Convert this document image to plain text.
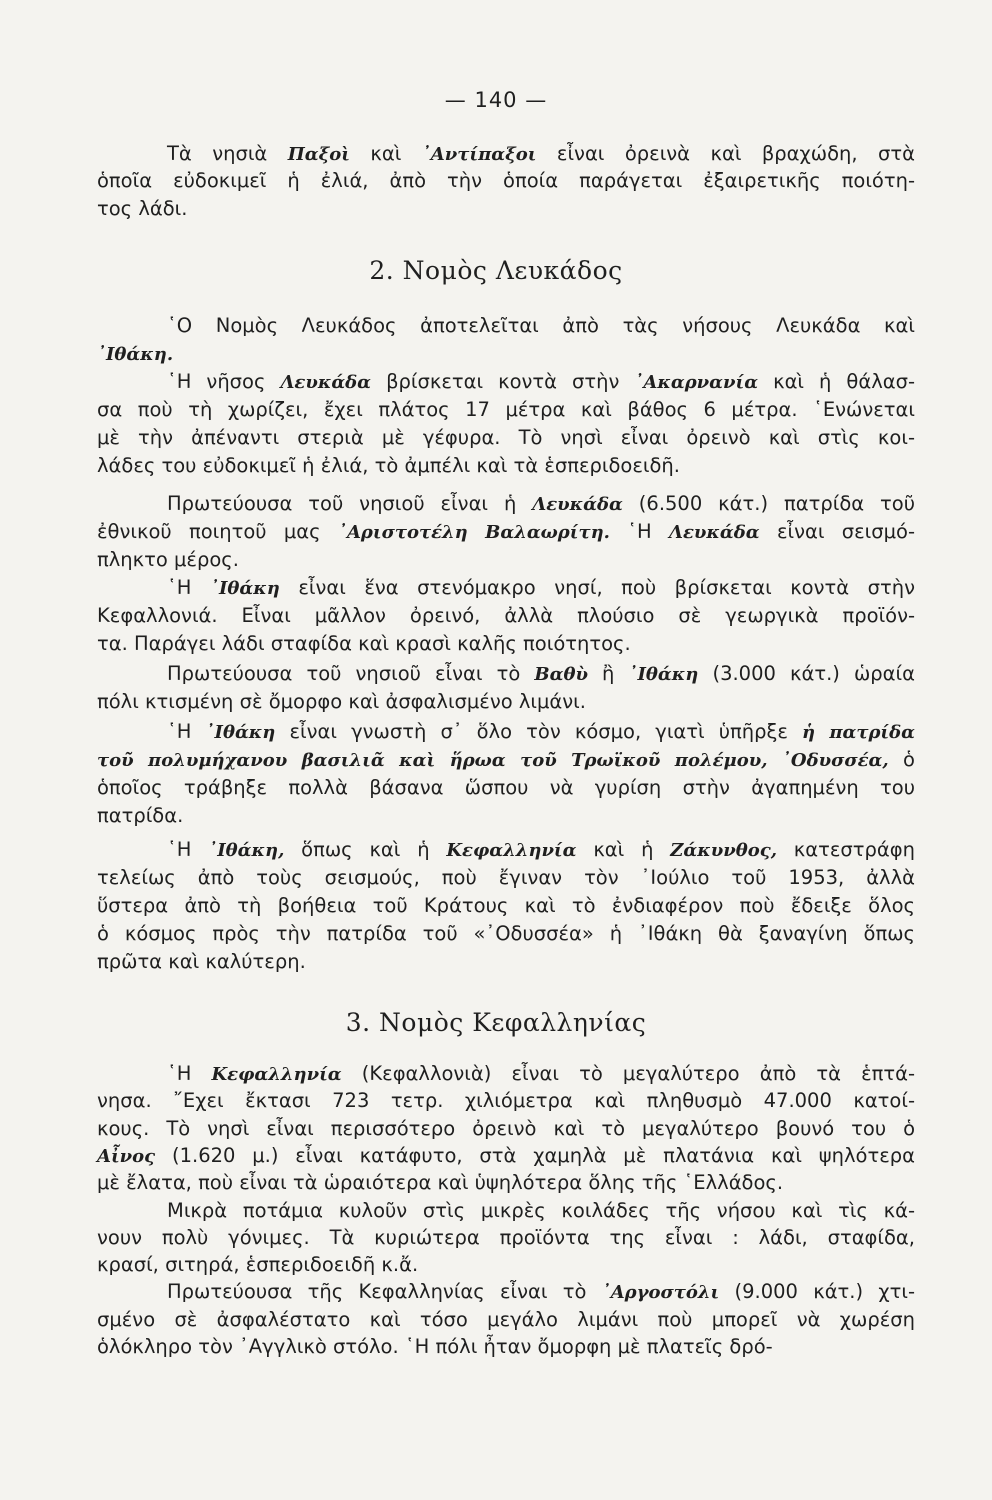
— 140 —
Τὰ νησιὰ Παξοὶ καὶ ᾿Αντίπαξοι εἶναι ὀρεινὰ καὶ βραχώδη, στὰ
ὁποῖα εὐδοκιμεῖ ἡ ἐλιά, ἀπὸ τὴν ὁποία παράγεται ἐξαιρετικῆς ποιότη-
τος λάδι.
2. Νομὸς Λευκάδος
῾Ο Νομὸς Λευκάδος ἀποτελεῖται ἀπὸ τὰς νήσους Λευκάδα καὶ
᾿Ιθάκη.
῾Η νῆσος Λευκάδα βρίσκεται κοντὰ στὴν ᾿Ακαρνανία καὶ ἡ θάλασ-
σα ποὺ τὴ χωρίζει, ἔχει πλάτος 17 μέτρα καὶ βάθος 6 μέτρα. ῾Ενώνεται
μὲ τὴν ἀπέναντι στεριὰ μὲ γέφυρα. Τὸ νησὶ εἶναι ὀρεινὸ καὶ στὶς κοι-
λάδες του εὐδοκιμεῖ ἡ ἐλιά, τὸ ἀμπέλι καὶ τὰ ἑσπεριδοειδῆ.
Πρωτεύουσα τοῦ νησιοῦ εἶναι ἡ Λευκάδα (6.500 κάτ.) πατρίδα τοῦ
ἐθνικοῦ ποιητοῦ μας ᾿Αριστοτέλη Βαλαωρίτη. ῾Η Λευκάδα εἶναι σεισμό-
πληκτο μέρος.
῾Η ᾿Ιθάκη εἶναι ἕνα στενόμακρο νησί, ποὺ βρίσκεται κοντὰ στὴν
Κεφαλλονιά. Εἶναι μᾶλλον ὀρεινό, ἀλλὰ πλούσιο σὲ γεωργικὰ προϊόν-
τα. Παράγει λάδι σταφίδα καὶ κρασὶ καλῆς ποιότητος.
Πρωτεύουσα τοῦ νησιοῦ εἶναι τὸ Βαθὺ ἢ ᾿Ιθάκη (3.000 κάτ.) ὡραία
πόλι κτισμένη σὲ ὄμορφο καὶ ἀσφαλισμένο λιμάνι.
῾Η ᾿Ιθάκη εἶναι γνωστὴ σ᾿ ὅλο τὸν κόσμο, γιατὶ ὑπῆρξε ἡ πατρίδα
τοῦ πολυμήχανου βασιλιᾶ καὶ ἥρωα τοῦ Τρωϊκοῦ πολέμου, ᾿Οδυσσέα, ὁ
ὁποῖος τράβηξε πολλὰ βάσανα ὥσπου νὰ γυρίση στὴν ἀγαπημένη του
πατρίδα.
῾Η ᾿Ιθάκη, ὅπως καὶ ἡ Κεφαλληνία καὶ ἡ Ζάκυνθος, κατεστράφη
τελείως ἀπὸ τοὺς σεισμούς, ποὺ ἔγιναν τὸν ᾿Ιούλιο τοῦ 1953, ἀλλὰ
ὕστερα ἀπὸ τὴ βοήθεια τοῦ Κράτους καὶ τὸ ἐνδιαφέρον ποὺ ἔδειξε ὅλος
ὁ κόσμος πρὸς τὴν πατρίδα τοῦ «᾿Οδυσσέα» ἡ ᾿Ιθάκη θὰ ξαναγίνη ὅπως
πρῶτα καὶ καλύτερη.
3. Νομὸς Κεφαλληνίας
῾Η Κεφαλληνία (Κεφαλλονιὰ) εἶναι τὸ μεγαλύτερο ἀπὸ τὰ ἑπτά-
νησα. ῎Εχει ἔκτασι 723 τετρ. χιλιόμετρα καὶ πληθυσμὸ 47.000 κατοί-
κους. Τὸ νησὶ εἶναι περισσότερο ὀρεινὸ καὶ τὸ μεγαλύτερο βουνό του ὁ
Αἶνος (1.620 μ.) εἶναι κατάφυτο, στὰ χαμηλὰ μὲ πλατάνια καὶ ψηλότερα
μὲ ἔλατα, ποὺ εἶναι τὰ ὡραιότερα καὶ ὑψηλότερα ὅλης τῆς ῾Ελλάδος.
Μικρὰ ποτάμια κυλοῦν στὶς μικρὲς κοιλάδες τῆς νήσου καὶ τὶς κά-
νουν πολὺ γόνιμες. Τὰ κυριώτερα προϊόντα της εἶναι : λάδι, σταφίδα,
κρασί, σιτηρά, ἑσπεριδοειδῆ κ.ἄ.
Πρωτεύουσα τῆς Κεφαλληνίας εἶναι τὸ ᾿Αργοστόλι (9.000 κάτ.) χτι-
σμένο σὲ ἀσφαλέστατο καὶ τόσο μεγάλο λιμάνι ποὺ μπορεῖ νὰ χωρέση
ὁλόκληρο τὸν ᾿Αγγλικὸ στόλο. ῾Η πόλι ἦταν ὄμορφη μὲ πλατεῖς δρό-
